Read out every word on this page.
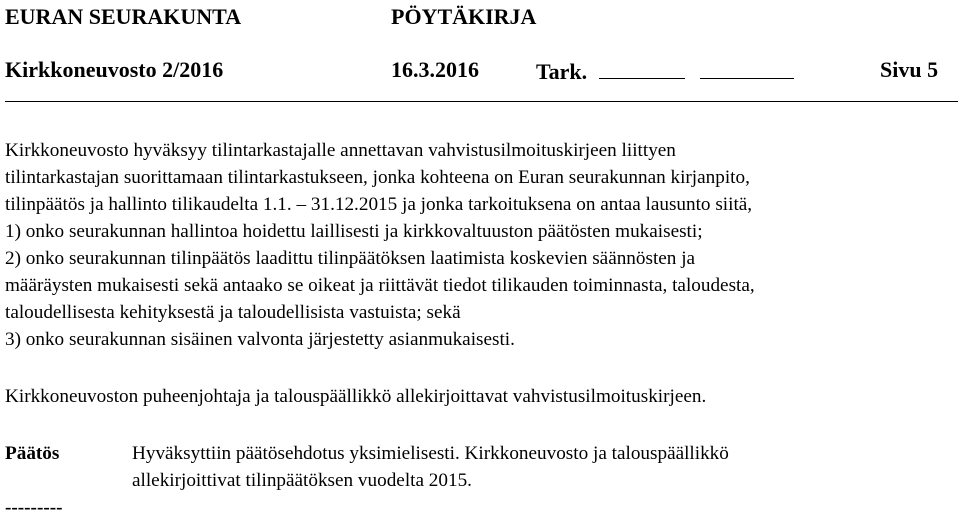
EURAN SEURAKUNTA	PÖYTÄKIRJA
Kirkkoneuvosto 2/2016	16.3.2016	Tark.	Sivu 5
Kirkkoneuvosto hyväksyy tilintarkastajalle annettavan vahvistusilmoituskirjeen liittyen
tilintarkastajan suorittamaan tilintarkastukseen, jonka kohteena on Euran seurakunnan kirjanpito,
tilinpäätös ja hallinto tilikaudelta 1.1. – 31.12.2015 ja jonka tarkoituksena on antaa lausunto siitä,
1) onko seurakunnan hallintoa hoidettu laillisesti ja kirkkovaltuuston päätösten mukaisesti;
2) onko seurakunnan tilinpäätös laadittu tilinpäätöksen laatimista koskevien säännösten ja
määräysten mukaisesti sekä antaako se oikeat ja riittävät tiedot tilikauden toiminnasta, taloudesta,
taloudellisesta kehityksestä ja taloudellisista vastuista; sekä
3) onko seurakunnan sisäinen valvonta järjestetty asianmukaisesti.
Kirkkoneuvoston puheenjohtaja ja talouspäällikkö allekirjoittavat vahvistusilmoituskirjeen.
Päätös	Hyväksyttiin päätösehdotus yksimielisesti. Kirkkoneuvosto ja talouspäällikkö
allekirjoittivat tilinpäätöksen vuodelta 2015.
---------
